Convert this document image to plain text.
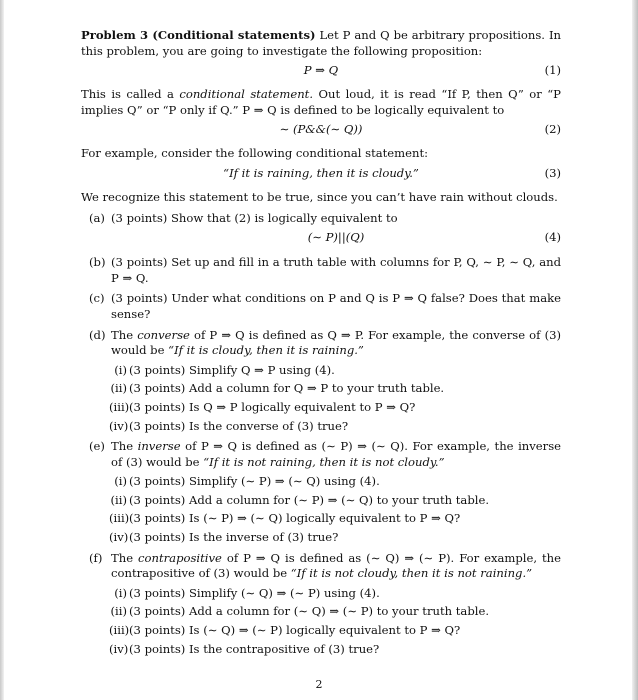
Problem 3 (Conditional statements) Let P and Q be arbitrary propositions. In this problem, you are going to investigate the following proposition:

P ⇒ Q	(1)

This is called a conditional statement. Out loud, it is read “If P, then Q” or “P implies Q” or “P only if Q.” P ⇒ Q is defined to be logically equivalent to

∼ (P&&(∼ Q))	(2)

For example, consider the following conditional statement:

“If it is raining, then it is cloudy.”	(3)

We recognize this statement to be true, since you can’t have rain without clouds.

(a) (3 points) Show that (2) is logically equivalent to
(∼ P)||(Q)	(4)
(b) (3 points) Set up and fill in a truth table with columns for P, Q, ∼ P, ∼ Q, and P ⇒ Q.
(c) (3 points) Under what conditions on P and Q is P ⇒ Q false? Does that make sense?
(d) The converse of P ⇒ Q is defined as Q ⇒ P. For example, the converse of (3) would be “If it is cloudy, then it is raining.”
(i) (3 points) Simplify Q ⇒ P using (4).
(ii) (3 points) Add a column for Q ⇒ P to your truth table.
(iii) (3 points) Is Q ⇒ P logically equivalent to P ⇒ Q?
(iv) (3 points) Is the converse of (3) true?
(e) The inverse of P ⇒ Q is defined as (∼ P) ⇒ (∼ Q). For example, the inverse of (3) would be “If it is not raining, then it is not cloudy.”
(i) (3 points) Simplify (∼ P) ⇒ (∼ Q) using (4).
(ii) (3 points) Add a column for (∼ P) ⇒ (∼ Q) to your truth table.
(iii) (3 points) Is (∼ P) ⇒ (∼ Q) logically equivalent to P ⇒ Q?
(iv) (3 points) Is the inverse of (3) true?
(f) The contrapositive of P ⇒ Q is defined as (∼ Q) ⇒ (∼ P). For example, the contrapositive of (3) would be “If it is not cloudy, then it is not raining.”
(i) (3 points) Simplify (∼ Q) ⇒ (∼ P) using (4).
(ii) (3 points) Add a column for (∼ Q) ⇒ (∼ P) to your truth table.
(iii) (3 points) Is (∼ Q) ⇒ (∼ P) logically equivalent to P ⇒ Q?
(iv) (3 points) Is the contrapositive of (3) true?
2
